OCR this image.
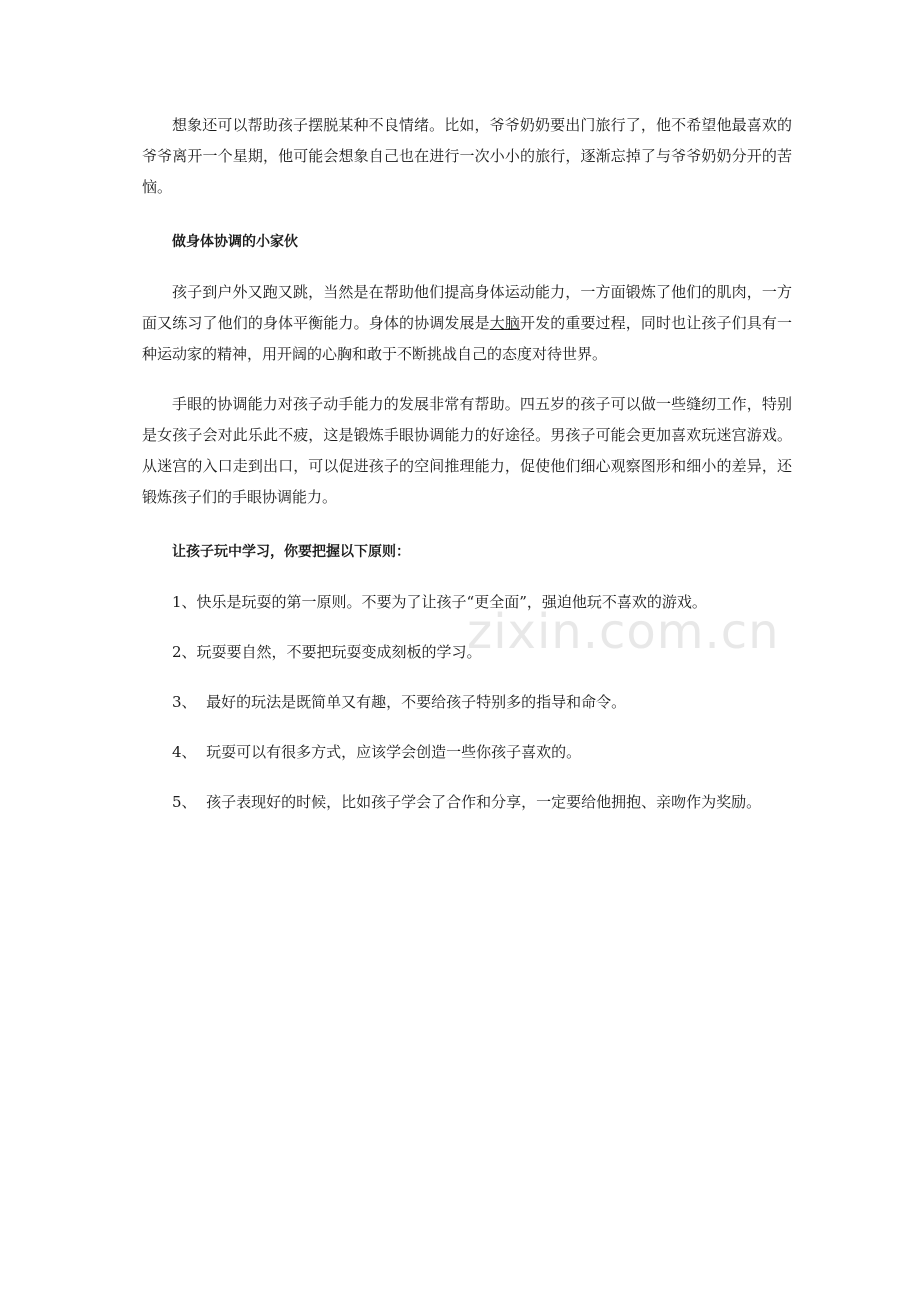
zixin.com.cn

想象还可以帮助孩子摆脱某种不良情绪。比如，爷爷奶奶要出门旅行了，他不希望他最喜欢的爷爷离开一个星期，他可能会想象自己也在进行一次小小的旅行，逐渐忘掉了与爷爷奶奶分开的苦恼。

做身体协调的小家伙

孩子到户外又跑又跳，当然是在帮助他们提高身体运动能力，一方面锻炼了他们的肌肉，一方面又练习了他们的身体平衡能力。身体的协调发展是大脑开发的重要过程，同时也让孩子们具有一种运动家的精神，用开阔的心胸和敢于不断挑战自己的态度对待世界。

手眼的协调能力对孩子动手能力的发展非常有帮助。四五岁的孩子可以做一些缝纫工作，特别是女孩子会对此乐此不疲，这是锻炼手眼协调能力的好途径。男孩子可能会更加喜欢玩迷宫游戏。从迷宫的入口走到出口，可以促进孩子的空间推理能力，促使他们细心观察图形和细小的差异，还锻炼孩子们的手眼协调能力。

让孩子玩中学习，你要把握以下原则：

1、快乐是玩耍的第一原则。不要为了让孩子“更全面”，强迫他玩不喜欢的游戏。

2、玩耍要自然，不要把玩耍变成刻板的学习。

3、  最好的玩法是既简单又有趣，不要给孩子特别多的指导和命令。

4、  玩耍可以有很多方式，应该学会创造一些你孩子喜欢的。

5、  孩子表现好的时候，比如孩子学会了合作和分享，一定要给他拥抱、亲吻作为奖励。
